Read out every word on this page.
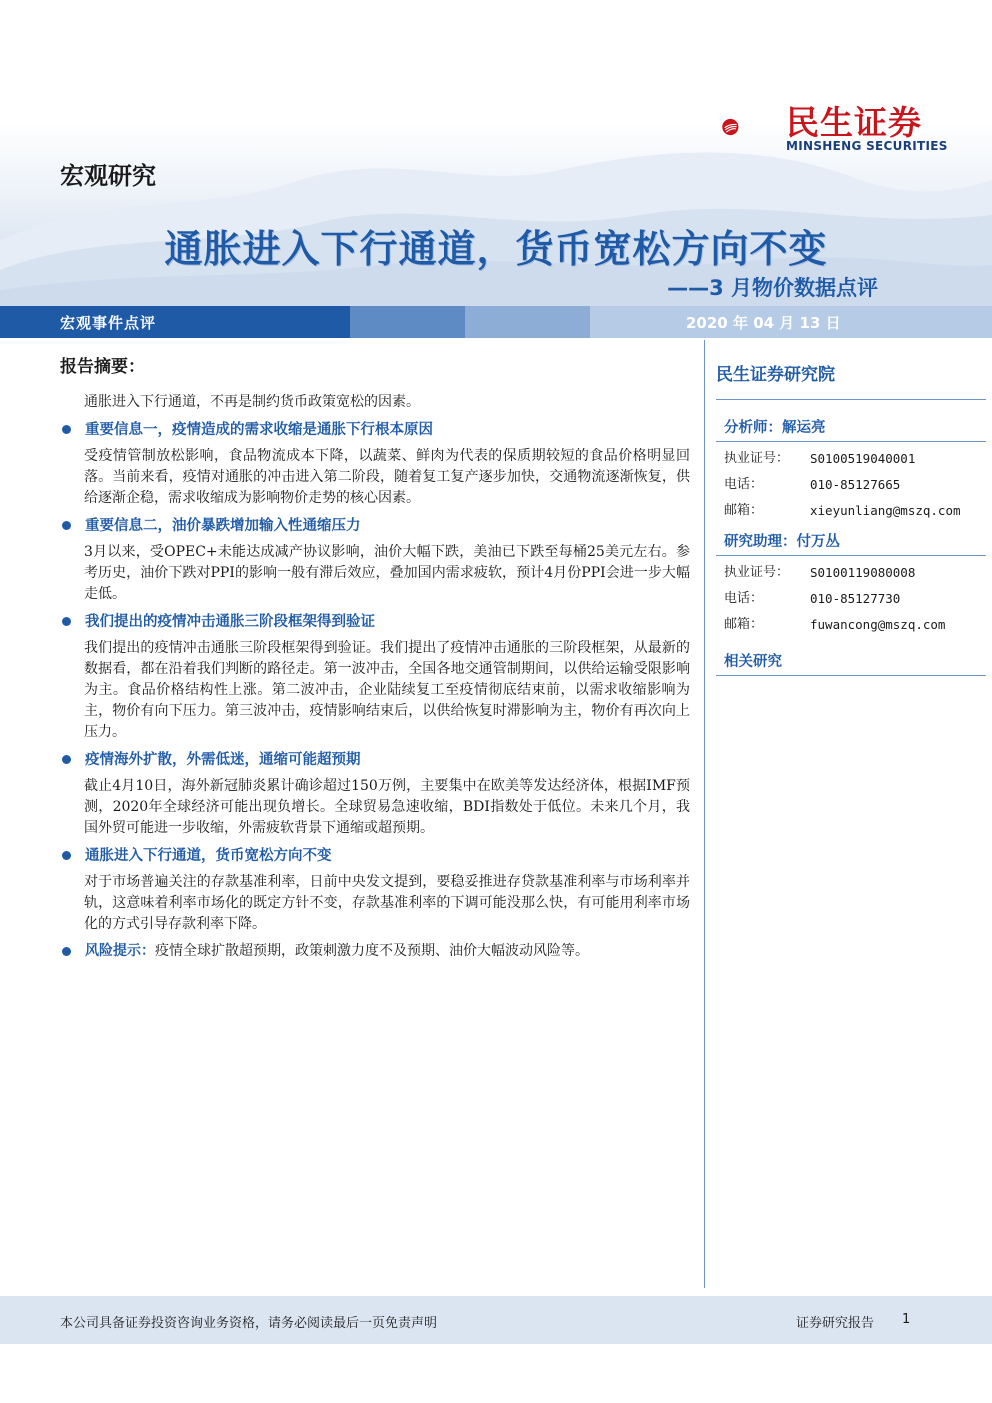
民生证券
MINSHENG SECURITIES
宏观研究
通胀进入下行通道，货币宽松方向不变
——3 月物价数据点评
宏观事件点评	2020 年 04 月 13 日
报告摘要：

通胀进入下行通道，不再是制约货币政策宽松的因素。

重要信息一，疫情造成的需求收缩是通胀下行根本原因

受疫情管制放松影响，食品物流成本下降，以蔬菜、鲜肉为代表的保质期较短的食品价格明显回落。当前来看，疫情对通胀的冲击进入第二阶段，随着复工复产逐步加快，交通物流逐渐恢复，供给逐渐企稳，需求收缩成为影响物价走势的核心因素。

重要信息二，油价暴跌增加输入性通缩压力

3月以来，受OPEC+未能达成减产协议影响，油价大幅下跌，美油已下跌至每桶25美元左右。参考历史，油价下跌对PPI的影响一般有滞后效应，叠加国内需求疲软，预计4月份PPI会进一步大幅走低。

我们提出的疫情冲击通胀三阶段框架得到验证

我们提出的疫情冲击通胀三阶段框架得到验证。我们提出了疫情冲击通胀的三阶段框架，从最新的数据看，都在沿着我们判断的路径走。第一波冲击，全国各地交通管制期间，以供给运输受限影响为主。食品价格结构性上涨。第二波冲击，企业陆续复工至疫情彻底结束前，以需求收缩影响为主，物价有向下压力。第三波冲击，疫情影响结束后，以供给恢复时滞影响为主，物价有再次向上压力。

疫情海外扩散，外需低迷，通缩可能超预期

截止4月10日，海外新冠肺炎累计确诊超过150万例，主要集中在欧美等发达经济体，根据IMF预测，2020年全球经济可能出现负增长。全球贸易急速收缩，BDI指数处于低位。未来几个月，我国外贸可能进一步收缩，外需疲软背景下通缩或超预期。

通胀进入下行通道，货币宽松方向不变

对于市场普遍关注的存款基准利率，日前中央发文提到，要稳妥推进存贷款基准利率与市场利率并轨，这意味着利率市场化的既定方针不变，存款基准利率的下调可能没那么快，有可能用利率市场化的方式引导存款利率下降。

风险提示： 疫情全球扩散超预期，政策刺激力度不及预期、油价大幅波动风险等。
民生证券研究院
分析师：解运亮
执业证号：	S0100519040001
电话：	010-85127665
邮箱：	xieyunliang@mszq.com
研究助理：付万丛
执业证号：	S0100119080008
电话：	010-85127730
邮箱：	fuwancong@mszq.com
相关研究
本公司具备证券投资咨询业务资格，请务必阅读最后一页免责声明	证券研究报告 1
